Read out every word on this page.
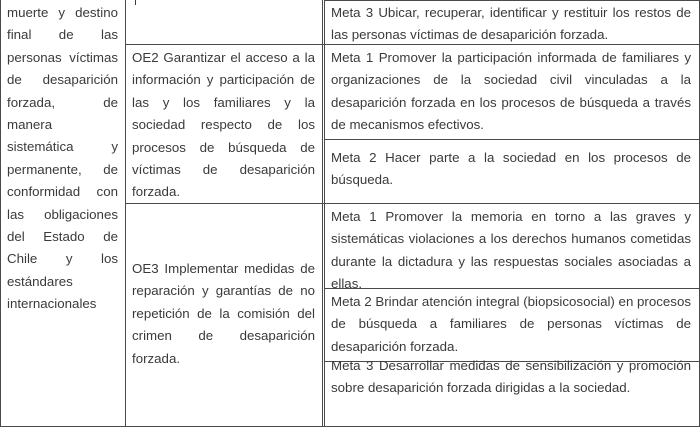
muerte y destino final de las personas víctimas de desaparición forzada, de manera sistemática y permanente, de conformidad con las obligaciones del Estado de Chile y los estándares internacionales
Meta 3 Ubicar, recuperar, identificar y restituir los restos de las personas víctimas de desaparición forzada.
OE2 Garantizar el acceso a la información y participación de las y los familiares y la sociedad respecto de los procesos de búsqueda de víctimas de desaparición forzada.
Meta 1 Promover la participación informada de familiares y organizaciones de la sociedad civil vinculadas a la desaparición forzada en los procesos de búsqueda a través de mecanismos efectivos.
Meta 2 Hacer parte a la sociedad en los procesos de búsqueda.
OE3 Implementar medidas de reparación y garantías de no repetición de la comisión del crimen de desaparición forzada.
Meta 1 Promover la memoria en torno a las graves y sistemáticas violaciones a los derechos humanos cometidas durante la dictadura y las respuestas sociales asociadas a ellas.
Meta 2 Brindar atención integral (biopsicosocial) en procesos de búsqueda a familiares de personas víctimas de desaparición forzada.
Meta 3 Desarrollar medidas de sensibilización y promoción sobre desaparición forzada dirigidas a la sociedad.
